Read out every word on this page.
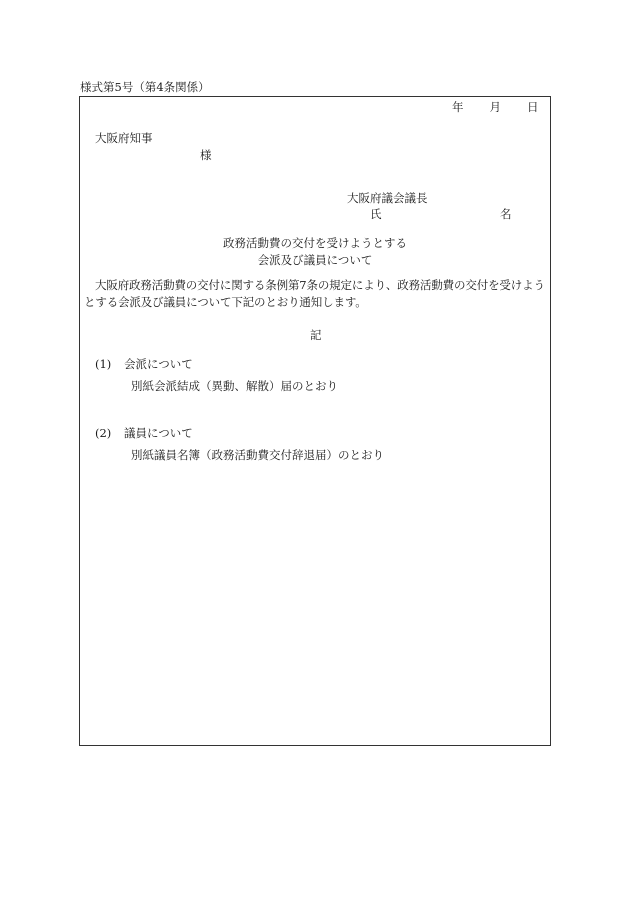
様式第5号（第4条関係）
年 月 日
大阪府知事
様
大阪府議会議長
氏	名
政務活動費の交付を受けようとする
会派及び議員について
大阪府政務活動費の交付に関する条例第7条の規定により、政務活動費の交付を受けようとする会派及び議員について下記のとおり通知します。
記
(1) 会派について
別紙会派結成（異動、解散）届のとおり
(2) 議員について
別紙議員名簿（政務活動費交付辞退届）のとおり
